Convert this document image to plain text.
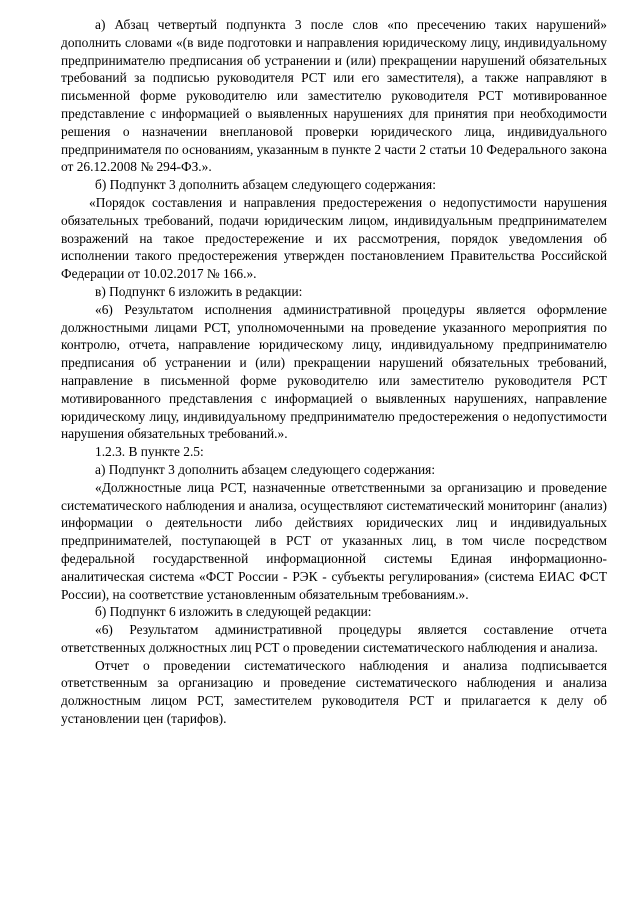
а) Абзац четвертый подпункта 3 после слов «по пресечению таких нарушений» дополнить словами «(в виде подготовки и направления юридическому лицу, индивидуальному предпринимателю предписания об устранении и (или) прекращении нарушений обязательных требований за подписью руководителя РСТ или его заместителя), а также направляют в письменной форме руководителю или заместителю руководителя РСТ мотивированное представление с информацией о выявленных нарушениях для принятия при необходимости решения о назначении внеплановой проверки юридического лица, индивидуального предпринимателя по основаниям, указанным в пункте 2 части 2 статьи 10 Федерального закона от 26.12.2008 № 294-ФЗ.».

б) Подпункт 3 дополнить абзацем следующего содержания:

«Порядок составления и направления предостережения о недопустимости нарушения обязательных требований, подачи юридическим лицом, индивидуальным предпринимателем возражений на такое предостережение и их рассмотрения, порядок уведомления об исполнении такого предостережения утвержден постановлением Правительства Российской Федерации от 10.02.2017 № 166.».

в) Подпункт 6 изложить в редакции:

«6) Результатом исполнения административной процедуры является оформление должностными лицами РСТ, уполномоченными на проведение указанного мероприятия по контролю, отчета, направление юридическому лицу, индивидуальному предпринимателю предписания об устранении и (или) прекращении нарушений обязательных требований, направление в письменной форме руководителю или заместителю руководителя РСТ мотивированного представления с информацией о выявленных нарушениях, направление юридическому лицу, индивидуальному предпринимателю предостережения о недопустимости нарушения обязательных требований.».

1.2.3. В пункте 2.5:

а) Подпункт 3 дополнить абзацем следующего содержания:

«Должностные лица РСТ, назначенные ответственными за организацию и проведение систематического наблюдения и анализа, осуществляют систематический мониторинг (анализ) информации о деятельности либо действиях юридических лиц и индивидуальных предпринимателей, поступающей в РСТ от указанных лиц, в том числе посредством федеральной государственной информационной системы Единая информационно-аналитическая система «ФСТ России - РЭК - субъекты регулирования» (система ЕИАС ФСТ России), на соответствие установленным обязательным требованиям.».

б) Подпункт 6 изложить в следующей редакции:

«6) Результатом административной процедуры является составление отчета ответственных должностных лиц РСТ о проведении систематического наблюдения и анализа.

Отчет о проведении систематического наблюдения и анализа подписывается ответственным за организацию и проведение систематического наблюдения и анализа должностным лицом РСТ, заместителем руководителя РСТ и прилагается к делу об установлении цен (тарифов).
